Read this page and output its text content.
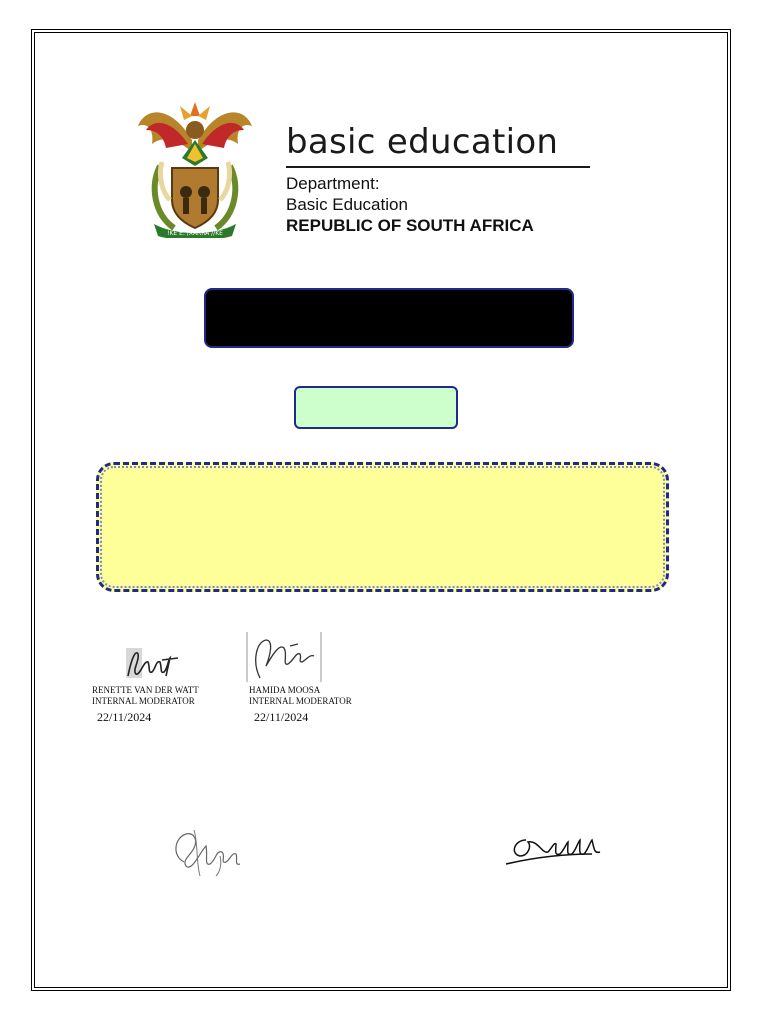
!KE E: /XARRA //KE
basic education
Department:
Basic Education
REPUBLIC OF SOUTH AFRICA
RENETTE VAN DER WATT
INTERNAL MODERATOR
HAMIDA MOOSA
INTERNAL MODERATOR
22/11/2024	22/11/2024
